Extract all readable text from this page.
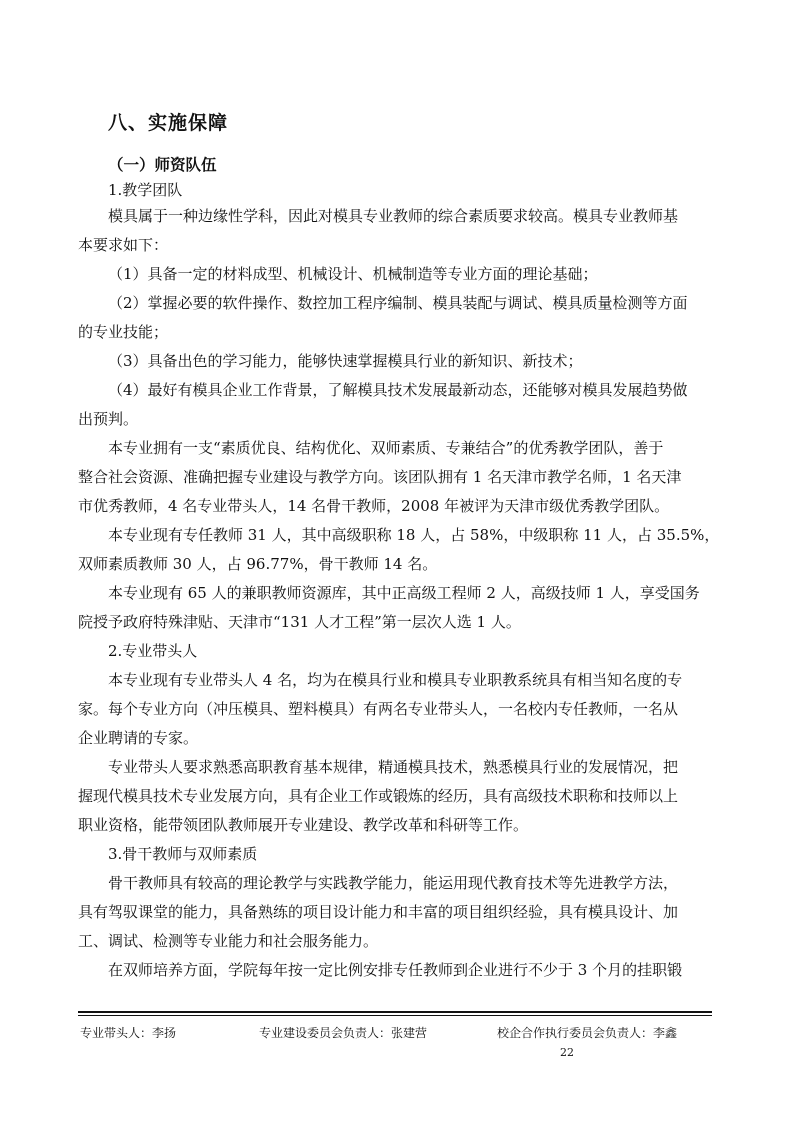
八、实施保障
（一）师资队伍
1.教学团队
模具属于一种边缘性学科，因此对模具专业教师的综合素质要求较高。模具专业教师基
本要求如下：
（1）具备一定的材料成型、机械设计、机械制造等专业方面的理论基础；
（2）掌握必要的软件操作、数控加工程序编制、模具装配与调试、模具质量检测等方面
的专业技能；
（3）具备出色的学习能力，能够快速掌握模具行业的新知识、新技术；
（4）最好有模具企业工作背景，了解模具技术发展最新动态，还能够对模具发展趋势做
出预判。
本专业拥有一支“素质优良、结构优化、双师素质、专兼结合”的优秀教学团队，善于
整合社会资源、准确把握专业建设与教学方向。该团队拥有 1 名天津市教学名师，1 名天津
市优秀教师，4 名专业带头人，14 名骨干教师，2008 年被评为天津市级优秀教学团队。
本专业现有专任教师 31 人，其中高级职称 18 人，占 58%，中级职称 11 人，占 35.5%，
双师素质教师 30 人，占 96.77%，骨干教师 14 名。
本专业现有 65 人的兼职教师资源库，其中正高级工程师 2 人，高级技师 1 人，享受国务
院授予政府特殊津贴、天津市“131 人才工程”第一层次人选 1 人。
2.专业带头人
本专业现有专业带头人 4 名，均为在模具行业和模具专业职教系统具有相当知名度的专
家。每个专业方向（冲压模具、塑料模具）有两名专业带头人，一名校内专任教师，一名从
企业聘请的专家。
专业带头人要求熟悉高职教育基本规律，精通模具技术，熟悉模具行业的发展情况，把
握现代模具技术专业发展方向，具有企业工作或锻炼的经历，具有高级技术职称和技师以上
职业资格，能带领团队教师展开专业建设、教学改革和科研等工作。
3.骨干教师与双师素质
骨干教师具有较高的理论教学与实践教学能力，能运用现代教育技术等先进教学方法，
具有驾驭课堂的能力，具备熟练的项目设计能力和丰富的项目组织经验，具有模具设计、加
工、调试、检测等专业能力和社会服务能力。
在双师培养方面，学院每年按一定比例安排专任教师到企业进行不少于 3 个月的挂职锻
专业带头人：李扬	专业建设委员会负责人：张建营	校企合作执行委员会负责人：李鑫
22
